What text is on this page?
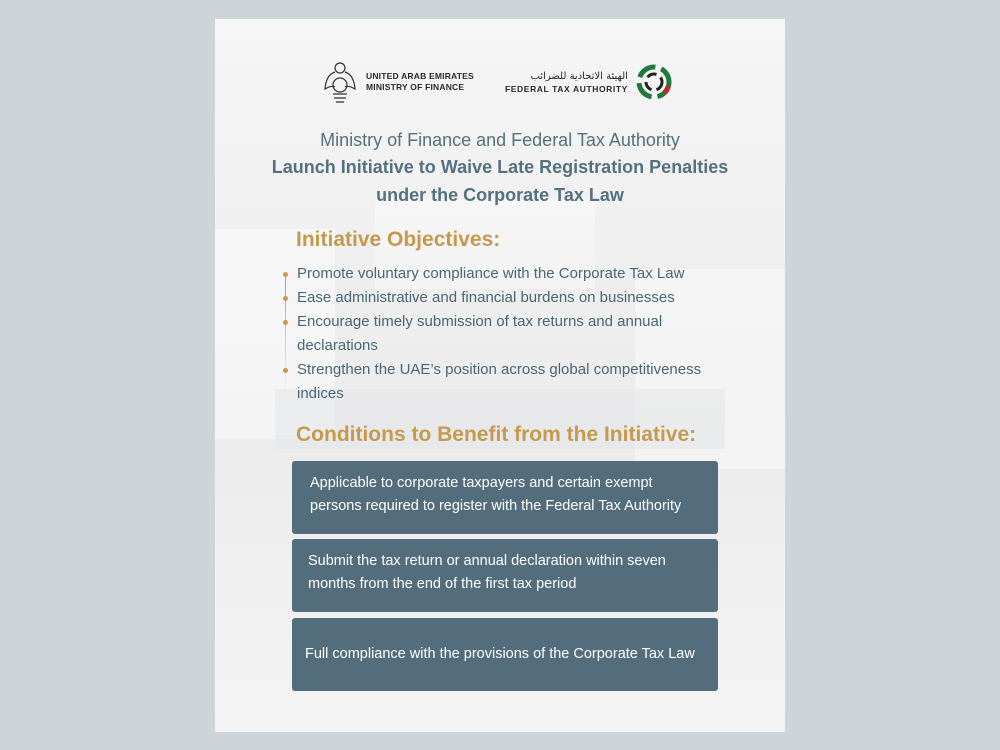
UNITED ARAB EMIRATES
MINISTRY OF FINANCE
الهيئة الاتحادية للضرائب
FEDERAL TAX AUTHORITY
Ministry of Finance and Federal Tax Authority
Launch Initiative to Waive Late Registration Penalties
under the Corporate Tax Law
Initiative Objectives:
Promote voluntary compliance with the Corporate Tax Law
Ease administrative and financial burdens on businesses
Encourage timely submission of tax returns and annual declarations
Strengthen the UAE’s position across global competitiveness indices
Conditions to Benefit from the Initiative:
Applicable to corporate taxpayers and certain exempt persons required to register with the Federal Tax Authority
Submit the tax return or annual declaration within seven months from the end of the first tax period
Full compliance with the provisions of the Corporate Tax Law
